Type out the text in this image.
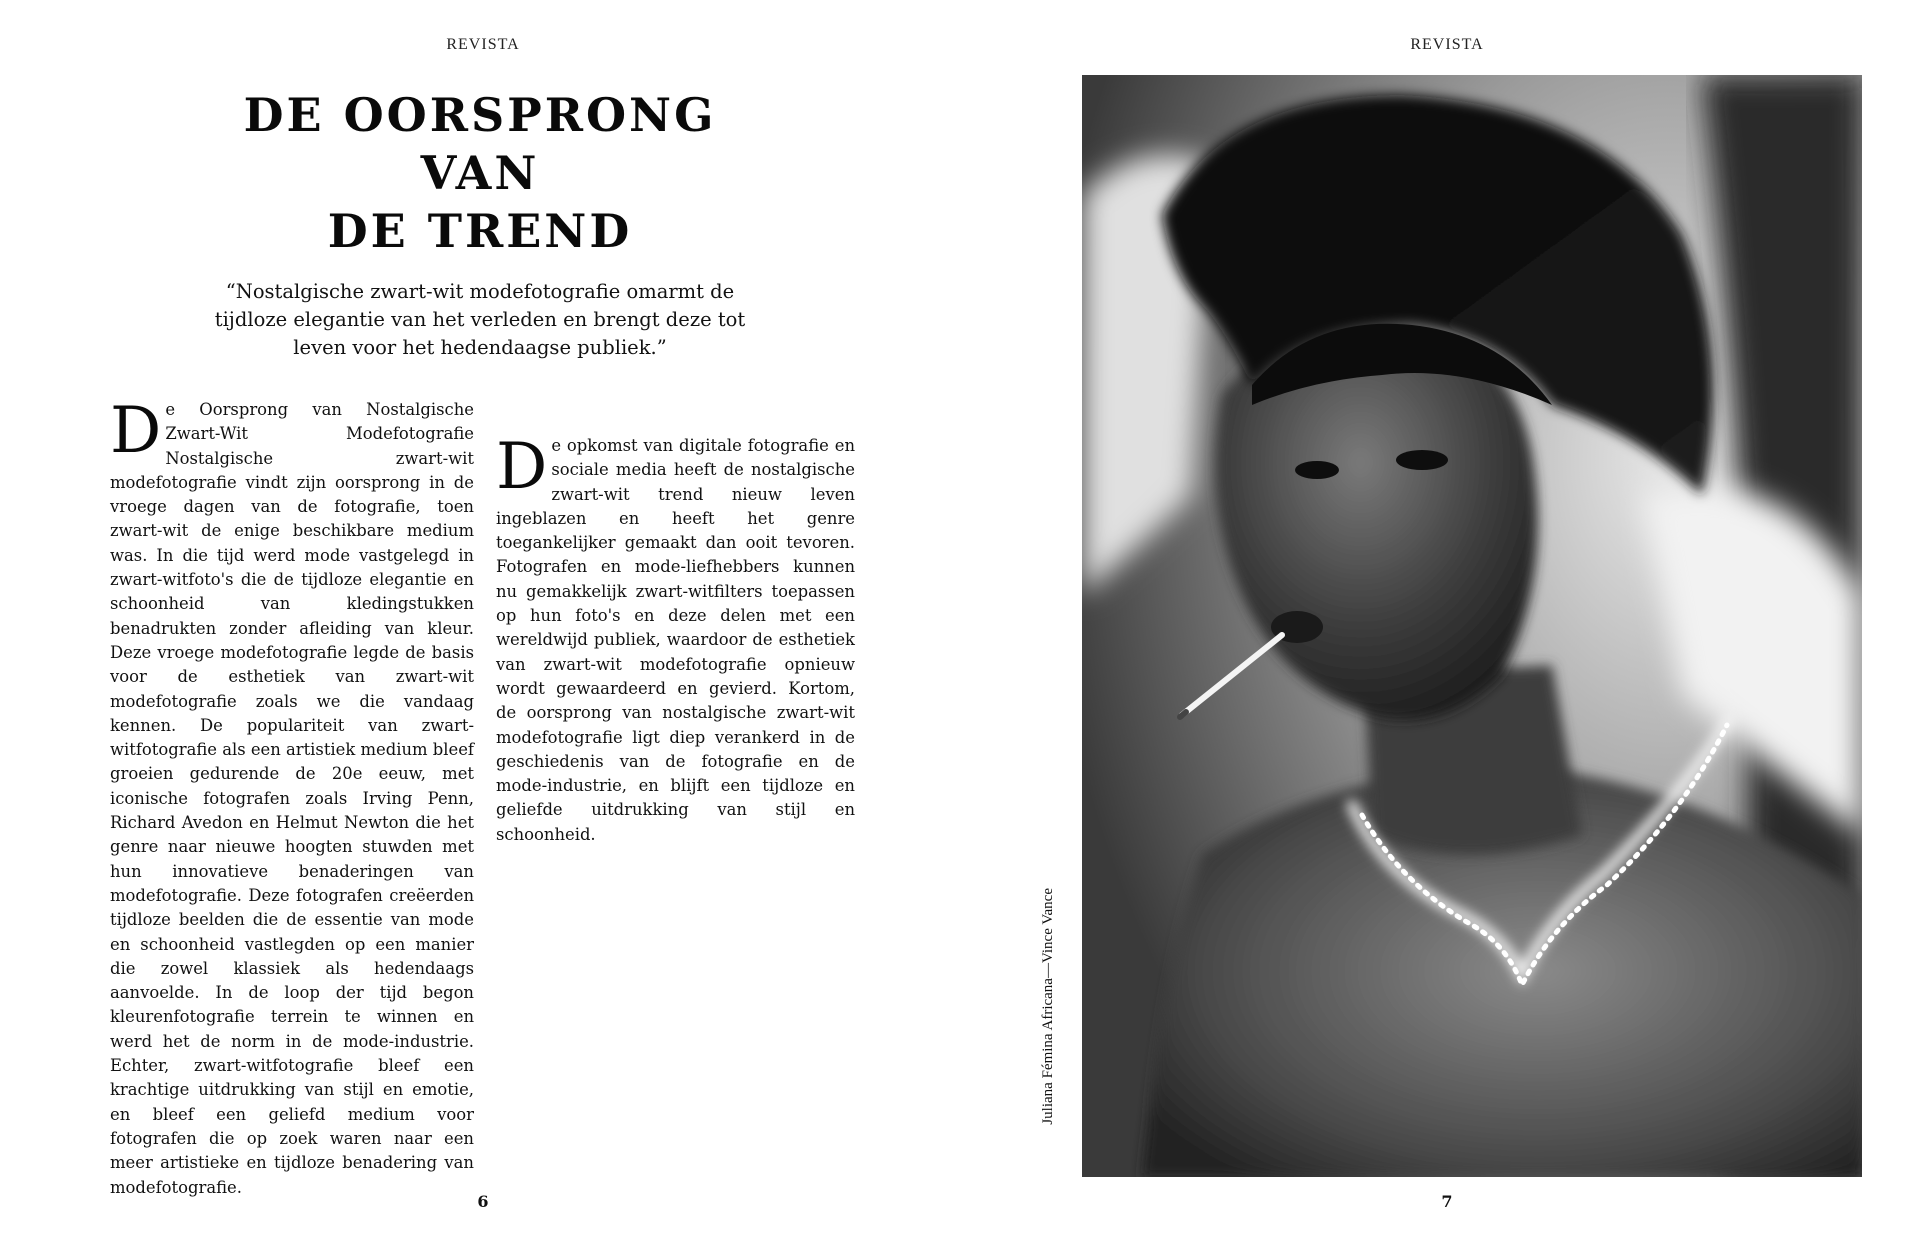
REVISTA
DE OORSPRONG
VAN
DE TREND
“Nostalgische zwart-wit modefotografie omarmt de
tijdloze elegantie van het verleden en brengt deze tot
leven voor het hedendaagse publiek.”

De Oorsprong van Nostalgische Zwart-Wit Modefotografie Nostalgische zwart-wit modefotografie vindt zijn oorsprong in de vroege dagen van de fotografie, toen zwart-wit de enige beschikbare medium was. In die tijd werd mode vastgelegd in zwart-witfoto's die de tijdloze elegantie en schoonheid van kledingstukken benadrukten zonder afleiding van kleur. Deze vroege modefotografie legde de basis voor de esthetiek van zwart-wit modefotografie zoals we die vandaag kennen. De populariteit van zwart-witfotografie als een artistiek medium bleef groeien gedurende de 20e eeuw, met iconische fotografen zoals Irving Penn, Richard Avedon en Helmut Newton die het genre naar nieuwe hoogten stuwden met hun innovatieve benaderingen van modefotografie. Deze fotografen creëerden tijdloze beelden die de essentie van mode en schoonheid vastlegden op een manier die zowel klassiek als hedendaags aanvoelde. In de loop der tijd begon kleurenfotografie terrein te winnen en werd het de norm in de mode-industrie. Echter, zwart-witfotografie bleef een krachtige uitdrukking van stijl en emotie, en bleef een geliefd medium voor fotografen die op zoek waren naar een meer artistieke en tijdloze benadering van modefotografie.

De opkomst van digitale fotografie en sociale media heeft de nostalgische zwart-wit trend nieuw leven ingeblazen en heeft het genre toegankelijker gemaakt dan ooit tevoren. Fotografen en mode-liefhebbers kunnen nu gemakkelijk zwart-witfilters toepassen op hun foto's en deze delen met een wereldwijd publiek, waardoor de esthetiek van zwart-wit modefotografie opnieuw wordt gewaardeerd en gevierd. Kortom, de oorsprong van nostalgische zwart-wit modefotografie ligt diep verankerd in de geschiedenis van de fotografie en de mode-industrie, en blijft een tijdloze en geliefde uitdrukking van stijl en schoonheid.

6
REVISTA
Juliana Fémina Africana—Vince Vance
7
